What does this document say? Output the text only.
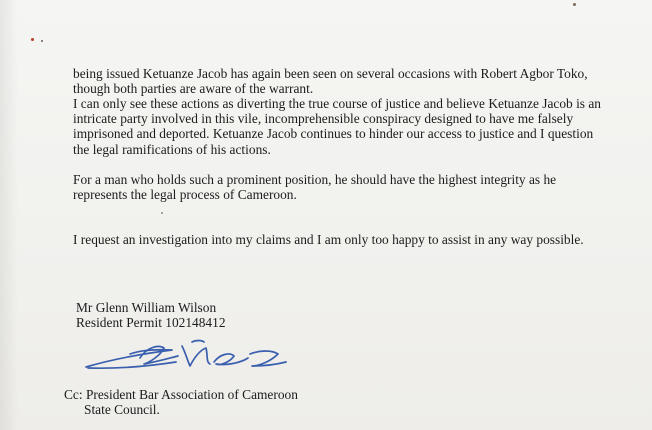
being issued Ketuanze Jacob has again been seen on several occasions with Robert Agbor Toko,
though both parties are aware of the warrant.
I can only see these actions as diverting the true course of justice and believe Ketuanze Jacob is an
intricate party involved in this vile, incomprehensible conspiracy designed to have me falsely
imprisoned and deported. Ketuanze Jacob continues to hinder our access to justice and I question
the legal ramifications of his actions.
For a man who holds such a prominent position, he should have the highest integrity as he
represents the legal process of Cameroon.
I request an investigation into my claims and I am only too happy to assist in any way possible.
Mr Glenn William Wilson
Resident Permit 102148412
Cc: President Bar Association of Cameroon
State Council.
